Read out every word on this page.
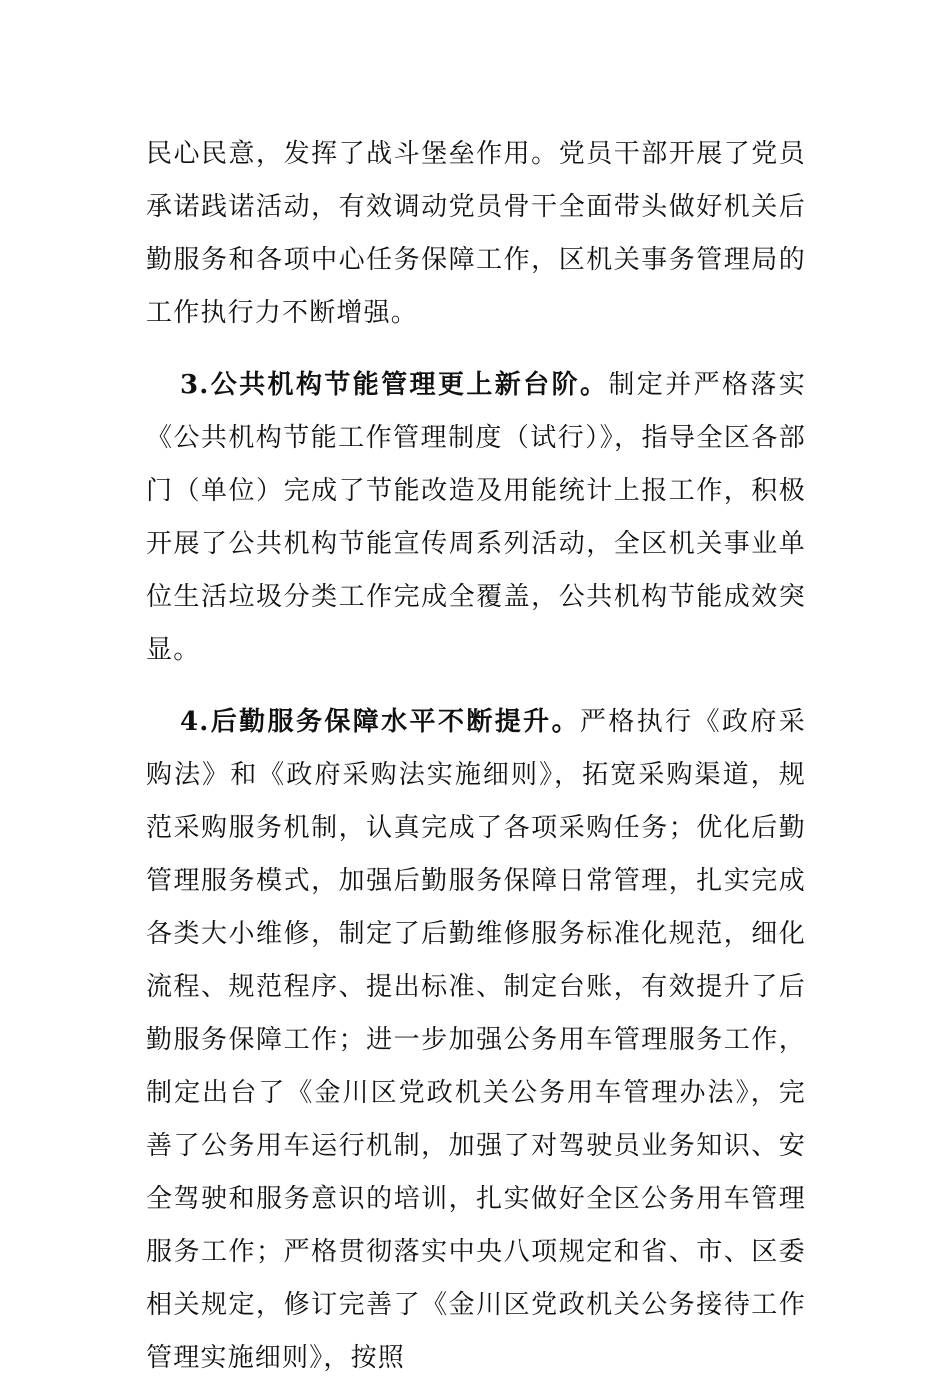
民心民意，发挥了战斗堡垒作用。党员干部开展了党员承诺践诺活动，有效调动党员骨干全面带头做好机关后勤服务和各项中心任务保障工作，区机关事务管理局的工作执行力不断增强。

3.公共机构节能管理更上新台阶。制定并严格落实《公共机构节能工作管理制度（试行）》，指导全区各部门（单位）完成了节能改造及用能统计上报工作，积极开展了公共机构节能宣传周系列活动，全区机关事业单位生活垃圾分类工作完成全覆盖，公共机构节能成效突显。

4.后勤服务保障水平不断提升。严格执行《政府采购法》和《政府采购法实施细则》，拓宽采购渠道，规范采购服务机制，认真完成了各项采购任务；优化后勤管理服务模式，加强后勤服务保障日常管理，扎实完成各类大小维修，制定了后勤维修服务标准化规范，细化流程、规范程序、提出标准、制定台账，有效提升了后勤服务保障工作；进一步加强公务用车管理服务工作，制定出台了《金川区党政机关公务用车管理办法》，完善了公务用车运行机制，加强了对驾驶员业务知识、安全驾驶和服务意识的培训，扎实做好全区公务用车管理服务工作；严格贯彻落实中央八项规定和省、市、区委相关规定，修订完善了《金川区党政机关公务接待工作管理实施细则》，按照
